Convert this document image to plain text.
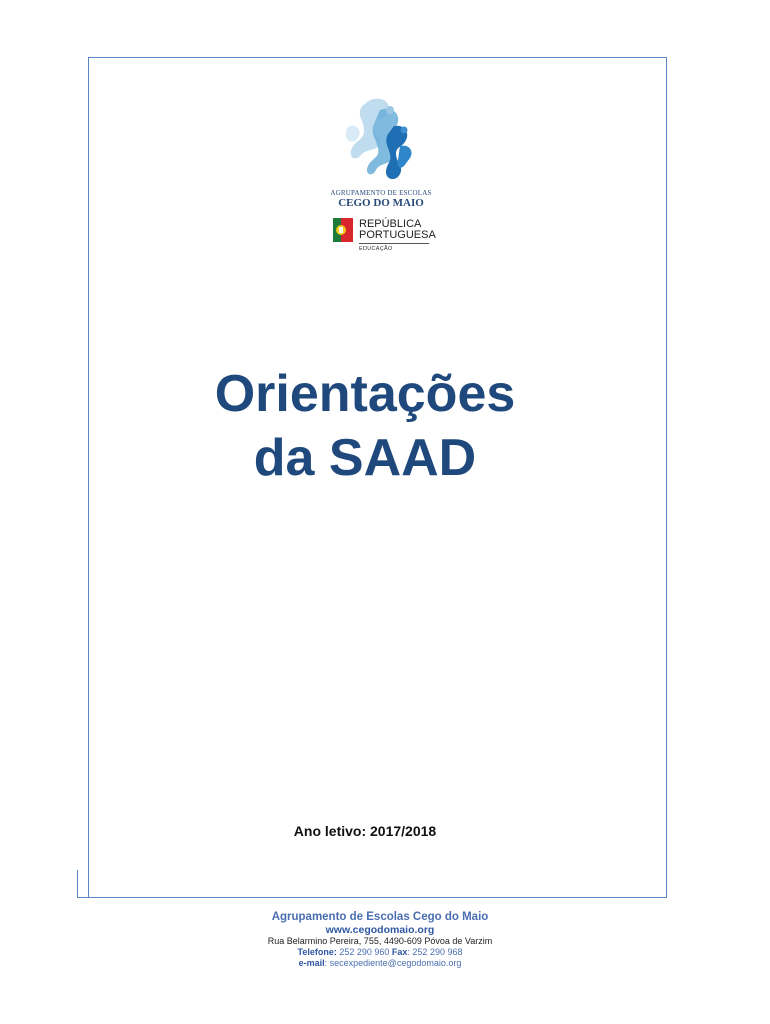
AGRUPAMENTO DE ESCOLAS
CEGO DO MAIO
REPÚBLICA
PORTUGUESA
EDUCAÇÃO
Orientações
da SAAD
Ano letivo: 2017/2018
Agrupamento de Escolas Cego do Maio
www.cegodomaio.org
Rua Belarmino Pereira, 755, 4490-609 Póvoa de Varzim
Telefone: 252 290 960 Fax: 252 290 968
e-mail: secexpediente@cegodomaio.org
